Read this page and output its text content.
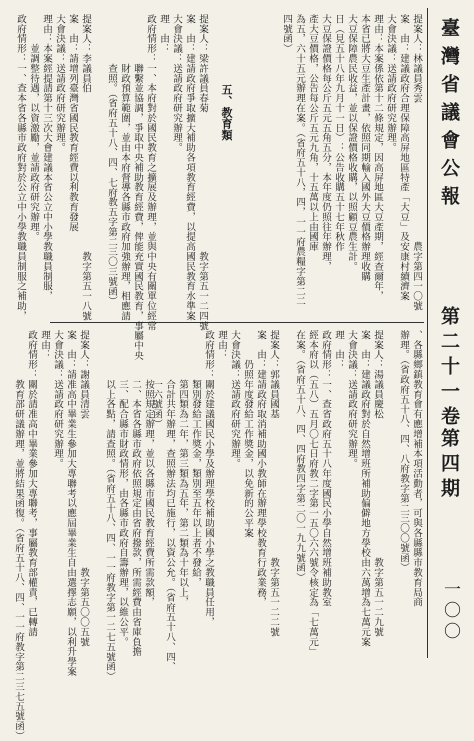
臺灣省議會公報
第二十一卷
第四期
一〇〇
提案人：林議員秀雲　　　　　　　　　　　　　　農字第四一〇號
案　由：建議政府合理保障高屏地區特產「大豆」及安康村續濟案
大會決議：送請政府研究辦理。
理由：本案係依第十二條規定，因高屏地區大豆產期，經查爾年，
本省已將大豆生產計畫，依照同期輸入國外大豆價格辦理收購
大豆保障農民收益，並以保證價格收購，以照顧豆農生計。
日（見五十八年九月十一日）：公告收購五十七年秋作
大豆保證價格每公斤五元五角五分，本年度仍照往年辦理，
產大豆價格，公告每公斤五元九角，十五萬以上由國庫
為五，六十五元辦理在案。（省府五十八，四，一一府農糧字第二二
四號函）
、各縣鄉鎮教育會有應增補本項活動者，可與各縣縣市教育局商
辦理。（省政府五十八、四、八府教字第二三〇〇號函）
提案人：湯議員慶松　　　　　　　　　　　　　　教字第五一二九號
案　由：建議政府對於自然增班所補助偏僻地方學校由六萬增為七萬元案
大會決議：送請政府研究辦理。
理　由：
政府情形：一、查省政府五十八年度國民小學自然增班補助教室
經本府以（五八）五月〇七日府教二字第一五〇六六號令核定為「七萬元」
在案。（省府五十八、四、四府教四字第二〇一九九號函）
提案人：郭議員國基　　　　　　　　　　　　　　教字第五一二二號
案　由：建請政府取消補助國小教師在辦理學校教育行政業務，
　　　仍照年度發給工作獎金，以免新的公平案
大會決議：送請政府研究辦理。
理由：
政府情形：關於建議國民小學及辦理學校補助國小學之教職員任用，
　　　　　類別發給工作獎金，類別至五年以上者不發給，
　　　　　第四類為二年，第三類為五年，第二類為十年以上，
　　　　　合計共年辦理，查照辦法均已施行，以資公允。（省府五十八、四、
　　　　　一六號函）
五、教育類
提案人：梁許議員春菊　　　　　　　　　　　　　　教字第五一二四號
案　由：建請政府爭取擴大補助各項教育經費，以提高國民教育水準案
大會決議：送請政府研究辦理。
理　由：
政府情形：一、本府對於國民教育之擴展及辦理，並與中央有關單位經常
　　　　　聯繫並協調，爭取中央補助教育經費，俾能充實國民教育，事屬中央
　　　　　財政預算範圍，並由本府督導各縣市政府加強辦理，相應請
　　　　　查照。（省府五十八、四、七府教五字第二三〇三號函）
提案人：李議員伯　　　　　　　　　　　　　　　　教字第五一八號
案　由：請增列臺灣省國民教育經費以利教育發展
大會決議：送請政府研究辦理。
理由：本案經提請第十三次大會建議本省公立中小學教職員制服，
　　　並調整待遇，以資激勵，並請政府研究辦理。
政府情形：一、查本省各縣市政府對於公立中小學教職員制服之補助，
　　　　　按照規定辦理，並以各縣市國民教育經費所需款額，
　　　　　二、本省各縣市政府依照規定由省府撥款，所需經費由省庫負擔
　　　　　三、配合縣市財政情形，由各縣市政府自籌辦理，以維公平。
　　　　　以上各點，請查照。（省府五十八、四、一一府教字第一二七五號函）
提案人：謝議員清雲　　　　　　　　　　　　　　　教字第五〇〇五號
案　由：請准高中畢業生參加大專聯考以應屆畢業生自由選擇志願，以利升學案
大會決議：送請政府研究辦理。
理由：
政府情形：關於請准高中畢業參加大專聯考，事屬教育部權責，已轉請
　　　　　教育部研議辦理，並將結果函復。（省府五十八、四、一一府教字第二三七五號函）
